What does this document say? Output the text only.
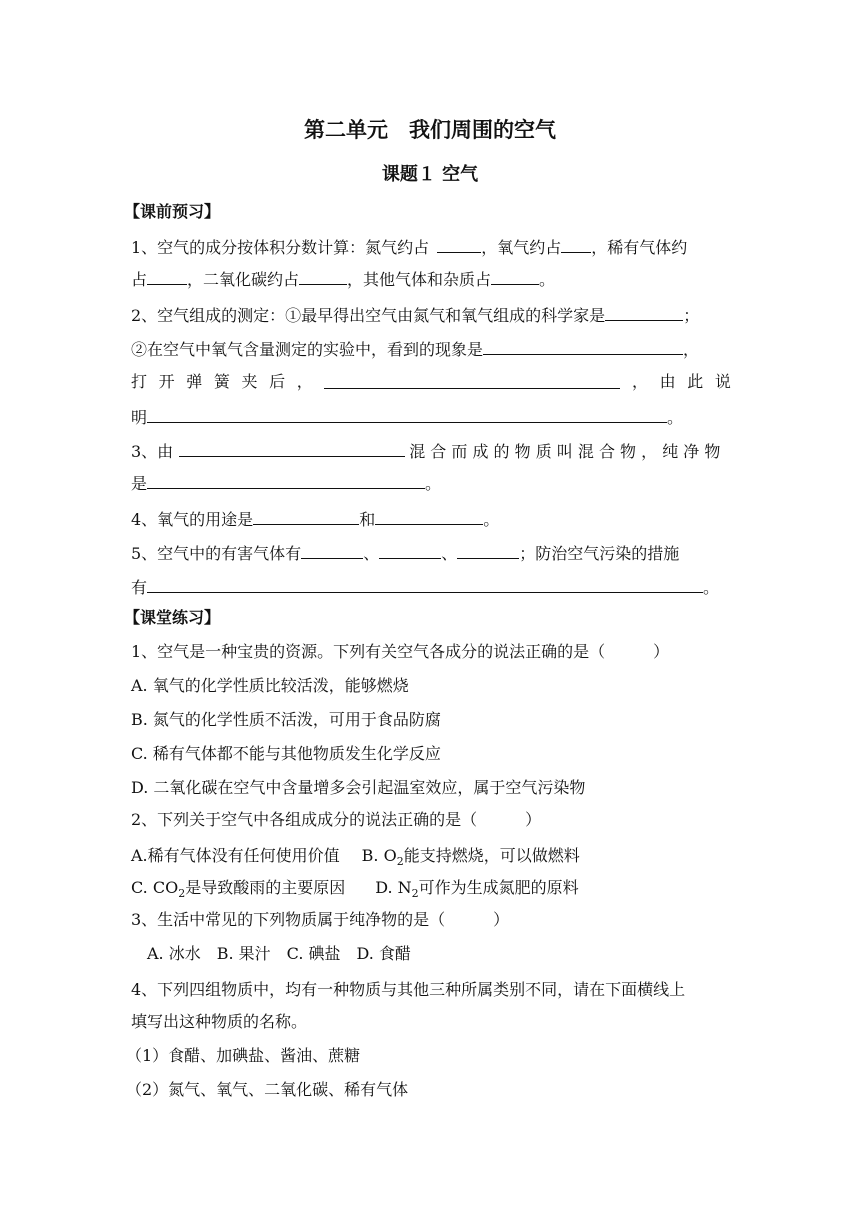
第二单元　我们周围的空气
课题１ 空气
【课前预习】
1、空气的成分按体积分数计算：氮气约占	，氧气约占 ，稀有气体约
占	，二氧化碳约占	，其他气体和杂质占	。
2、空气组成的测定：①最早得出空气由氮气和氧气组成的科学家是	；
②在空气中氧气含量测定的实验中，看到的现象是	，
打 开 弹 簧 夹 后 ，	， 由 此 说
明	。
3、由	混 合 而 成 的 物 质 叫 混 合 物 ， 纯 净 物
是	。
4、氧气的用途是	和	。
5、空气中的有害气体有	、	、	；防治空气污染的措施
有	。
【课堂练习】
1、空气是一种宝贵的资源。下列有关空气各成分的说法正确的是（　　　）
A. 氧气的化学性质比较活泼，能够燃烧
B. 氮气的化学性质不活泼，可用于食品防腐
C. 稀有气体都不能与其他物质发生化学反应
D. 二氧化碳在空气中含量增多会引起温室效应，属于空气污染物
2、下列关于空气中各组成成分的说法正确的是（　　　）
A.稀有气体没有任何使用价值 B. $O_2$能支持燃烧，可以做燃料
C. $CO_2$是导致酸雨的主要原因 D. $N_2$可作为生成氮肥的原料
3、生活中常见的下列物质属于纯净物的是（　　　）
A. 冰水　B. 果汁　C. 碘盐　D. 食醋
4、下列四组物质中，均有一种物质与其他三种所属类别不同，请在下面横线上
填写出这种物质的名称。
（1）食醋、加碘盐、酱油、蔗糖
（2）氮气、氧气、二氧化碳、稀有气体
